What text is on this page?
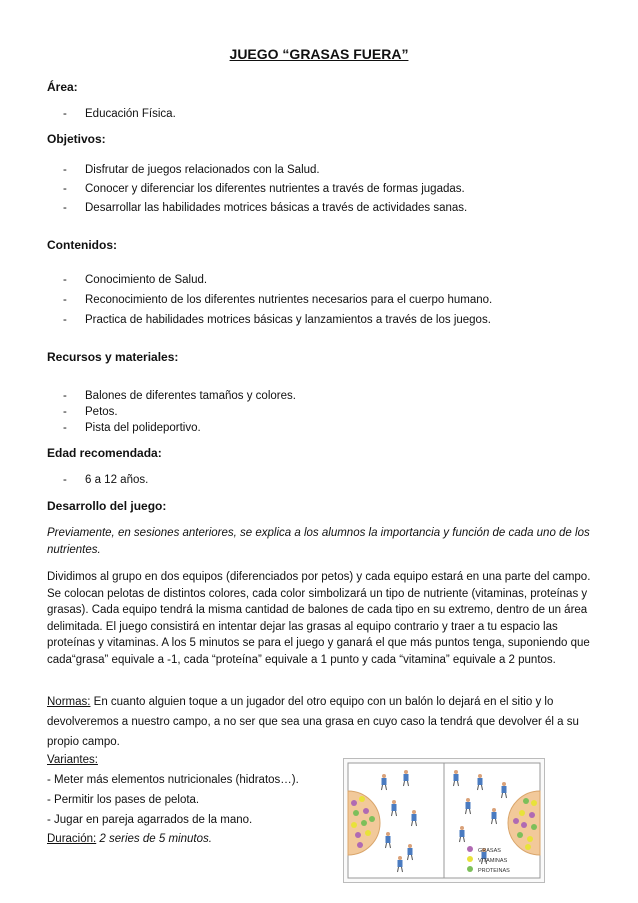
JUEGO “GRASAS FUERA”
Área:
- Educación Física.
Objetivos:
- Disfrutar de juegos relacionados con la Salud.
- Conocer y diferenciar los diferentes nutrientes a través de formas jugadas.
- Desarrollar las habilidades motrices básicas a través de actividades sanas.
Contenidos:
- Conocimiento de Salud.
- Reconocimiento de los diferentes nutrientes necesarios para el cuerpo humano.
- Practica de habilidades motrices básicas y lanzamientos a través de los juegos.
Recursos y materiales:
- Balones de diferentes tamaños y colores.
- Petos.
- Pista del polideportivo.
Edad recomendada:
- 6 a 12 años.
Desarrollo del juego:
Previamente, en sesiones anteriores, se explica a los alumnos la importancia y función de cada uno de los nutrientes.
Dividimos al grupo en dos equipos (diferenciados por petos) y cada equipo estará en una parte del campo. Se colocan pelotas de distintos colores, cada color simbolizará un tipo de nutriente (vitaminas, proteínas y grasas). Cada equipo tendrá la misma cantidad de balones de cada tipo en su extremo, dentro de un área delimitada. El juego consistirá en intentar dejar las grasas al equipo contrario y traer a tu espacio las proteínas y vitaminas. A los 5 minutos se para el juego y ganará el que más puntos tenga, suponiendo que cada“grasa” equivale a -1, cada “proteína” equivale a 1 punto y cada “vitamina” equivale a 2 puntos.
Normas: En cuanto alguien toque a un jugador del otro equipo con un balón lo dejará en el sitio y lo
devolveremos a nuestro campo, a no ser que sea una grasa en cuyo caso la tendrá que devolver él a su
propio campo.
Variantes:
- Meter más elementos nutricionales (hidratos…).
- Permitir los pases de pelota.
- Jugar en pareja agarrados de la mano.
Duración: 2 series de 5 minutos.
GRASAS
VITAMINAS
PROTEINAS
